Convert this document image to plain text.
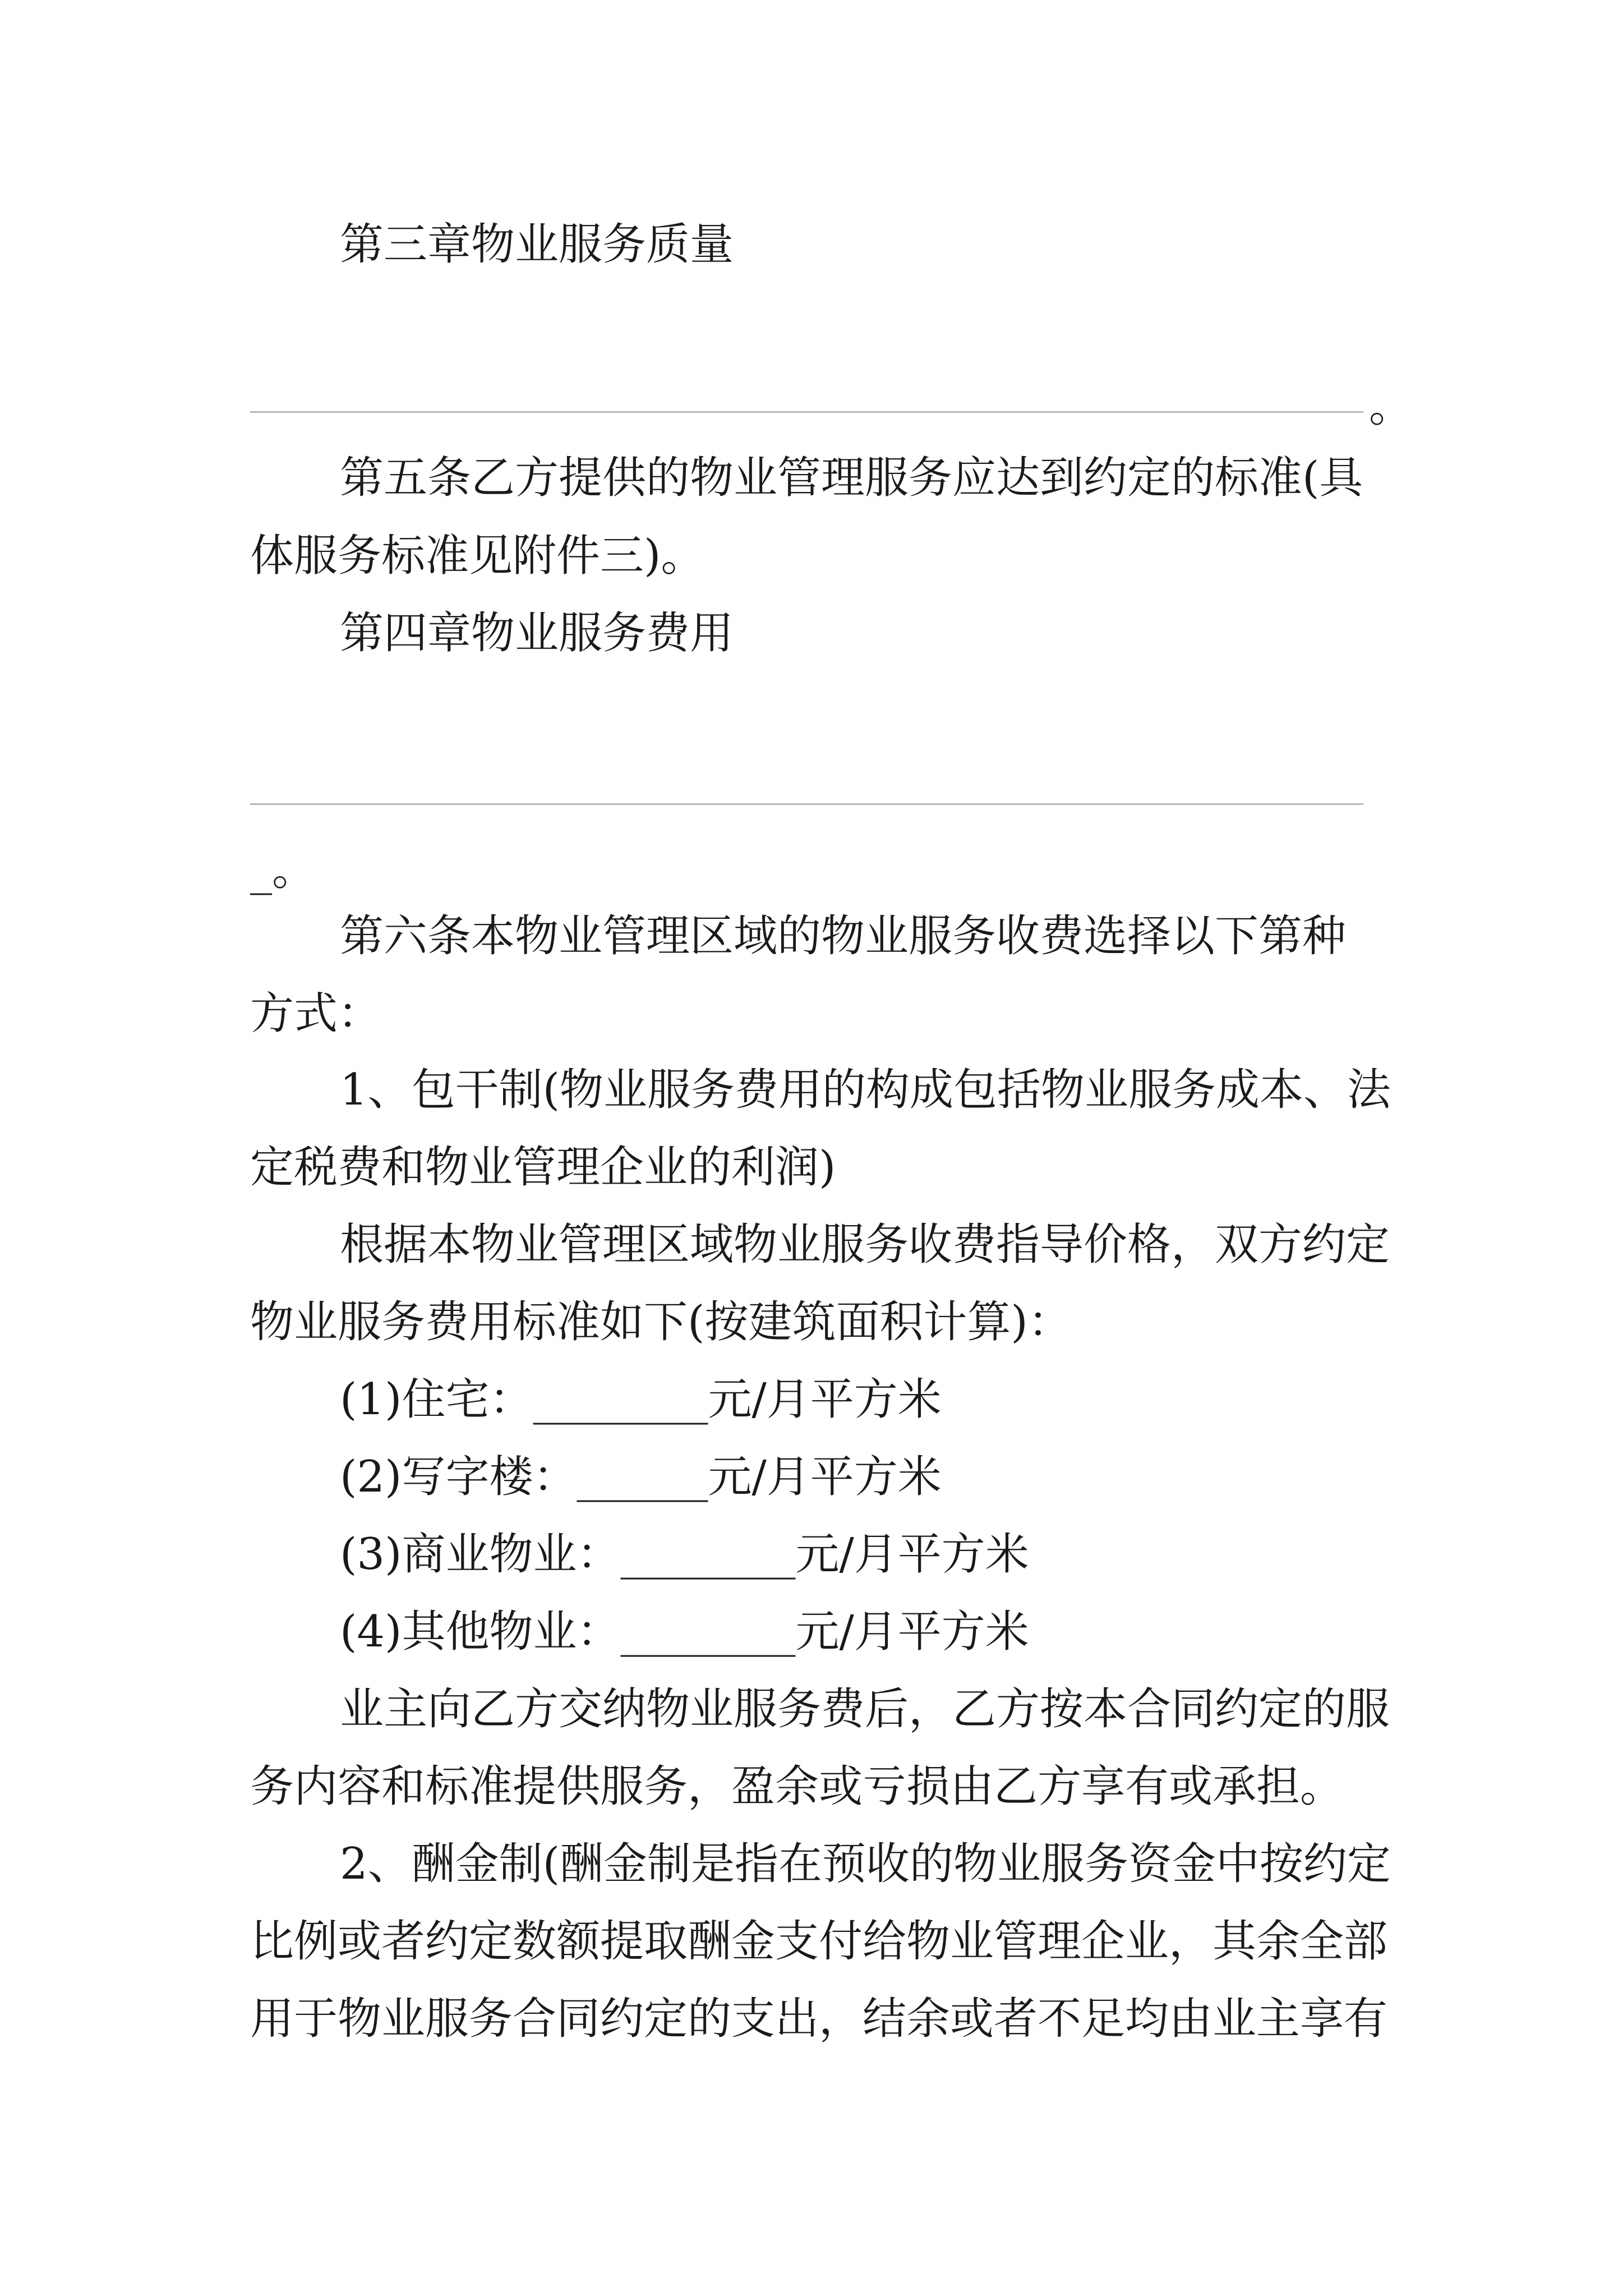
第三章物业服务质量
。
第五条乙方提供的物业管理服务应达到约定的标准(具
体服务标准见附件三)。
第四章物业服务费用
_。
第六条本物业管理区域的物业服务收费选择以下第种
方式：
1、包干制(物业服务费用的构成包括物业服务成本、法
定税费和物业管理企业的利润)
根据本物业管理区域物业服务收费指导价格，双方约定
物业服务费用标准如下(按建筑面积计算)：
(1)住宅：________元/月平方米
(2)写字楼：______元/月平方米
(3)商业物业：________元/月平方米
(4)其他物业：________元/月平方米
业主向乙方交纳物业服务费后，乙方按本合同约定的服
务内容和标准提供服务，盈余或亏损由乙方享有或承担。
2、酬金制(酬金制是指在预收的物业服务资金中按约定
比例或者约定数额提取酬金支付给物业管理企业，其余全部
用于物业服务合同约定的支出，结余或者不足均由业主享有
